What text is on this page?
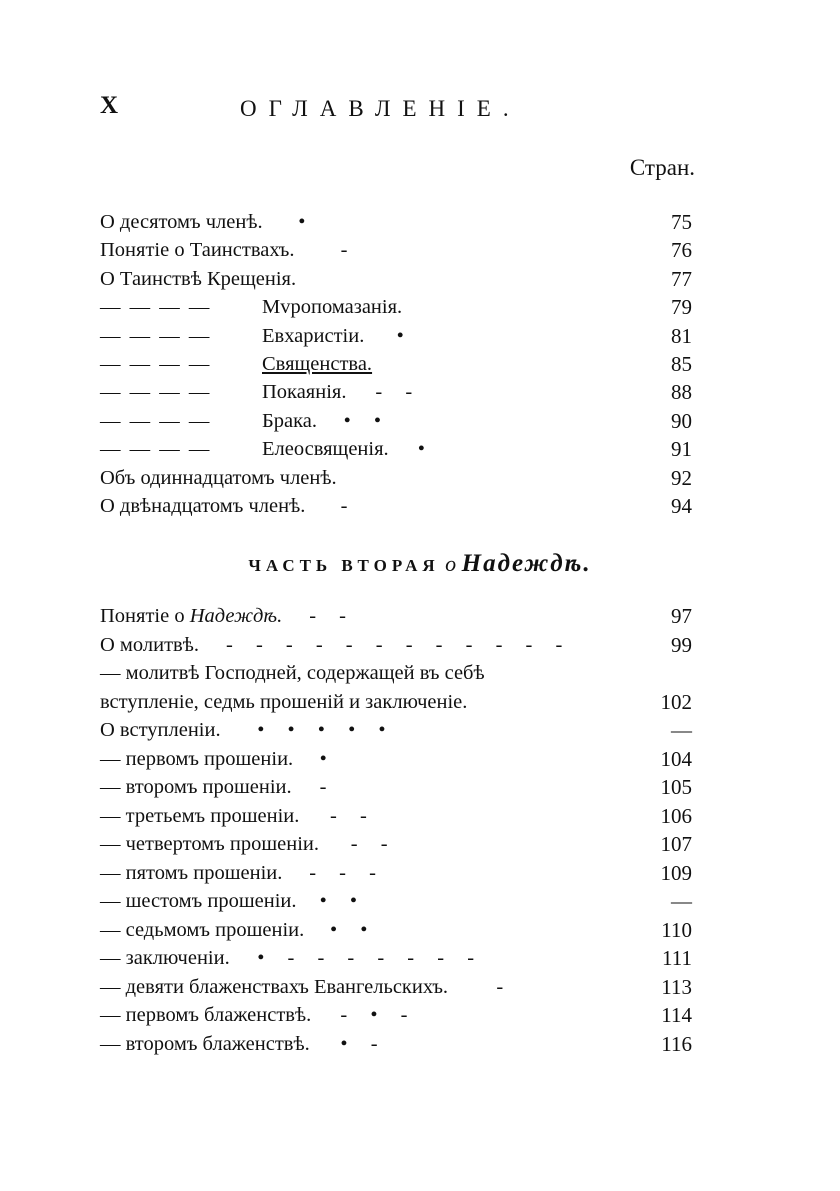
X	ОГЛАВЛЕНІЕ.
Стран.
О десятомъ членѣ. •	75
Понятіе о Таинствахъ. -	76
О Таинствѣ Крещенія.	77
— — — — Мvропомазанія.	79
— — — — Евхаристіи. •	81
— — — — Священства.	85
— — — — Покаянія. - -	88
— — — — Брака. • •	90
— — — — Елеосвященія. •	91
Объ одиннадцатомъ членѣ.	92
О двѣнадцатомъ членѣ. -	94
ЧАСТЬ ВТОРАЯ о Надеждѣ.
Понятіе о Надеждѣ. - -	97
О молитвѣ. - - - - - - - - - - - -	99
— молитвѣ Господней, содержащей въ себѣ
вступленіе, седмь прошеній и заключеніе.	102
О вступленіи. • • • • •	—
— первомъ прошеніи. •	104
— второмъ прошеніи. -	105
— третьемъ прошеніи. - -	106
— четвертомъ прошеніи. - -	107
— пятомъ прошеніи. - - -	109
— шестомъ прошеніи. • •	—
— седьмомъ прошеніи. • •	110
— заключеніи. • - - - - - - -	111
— девяти блаженствахъ Евангельскихъ. -	113
— первомъ блаженствѣ. - • -	114
— второмъ блаженствѣ. • -	116
